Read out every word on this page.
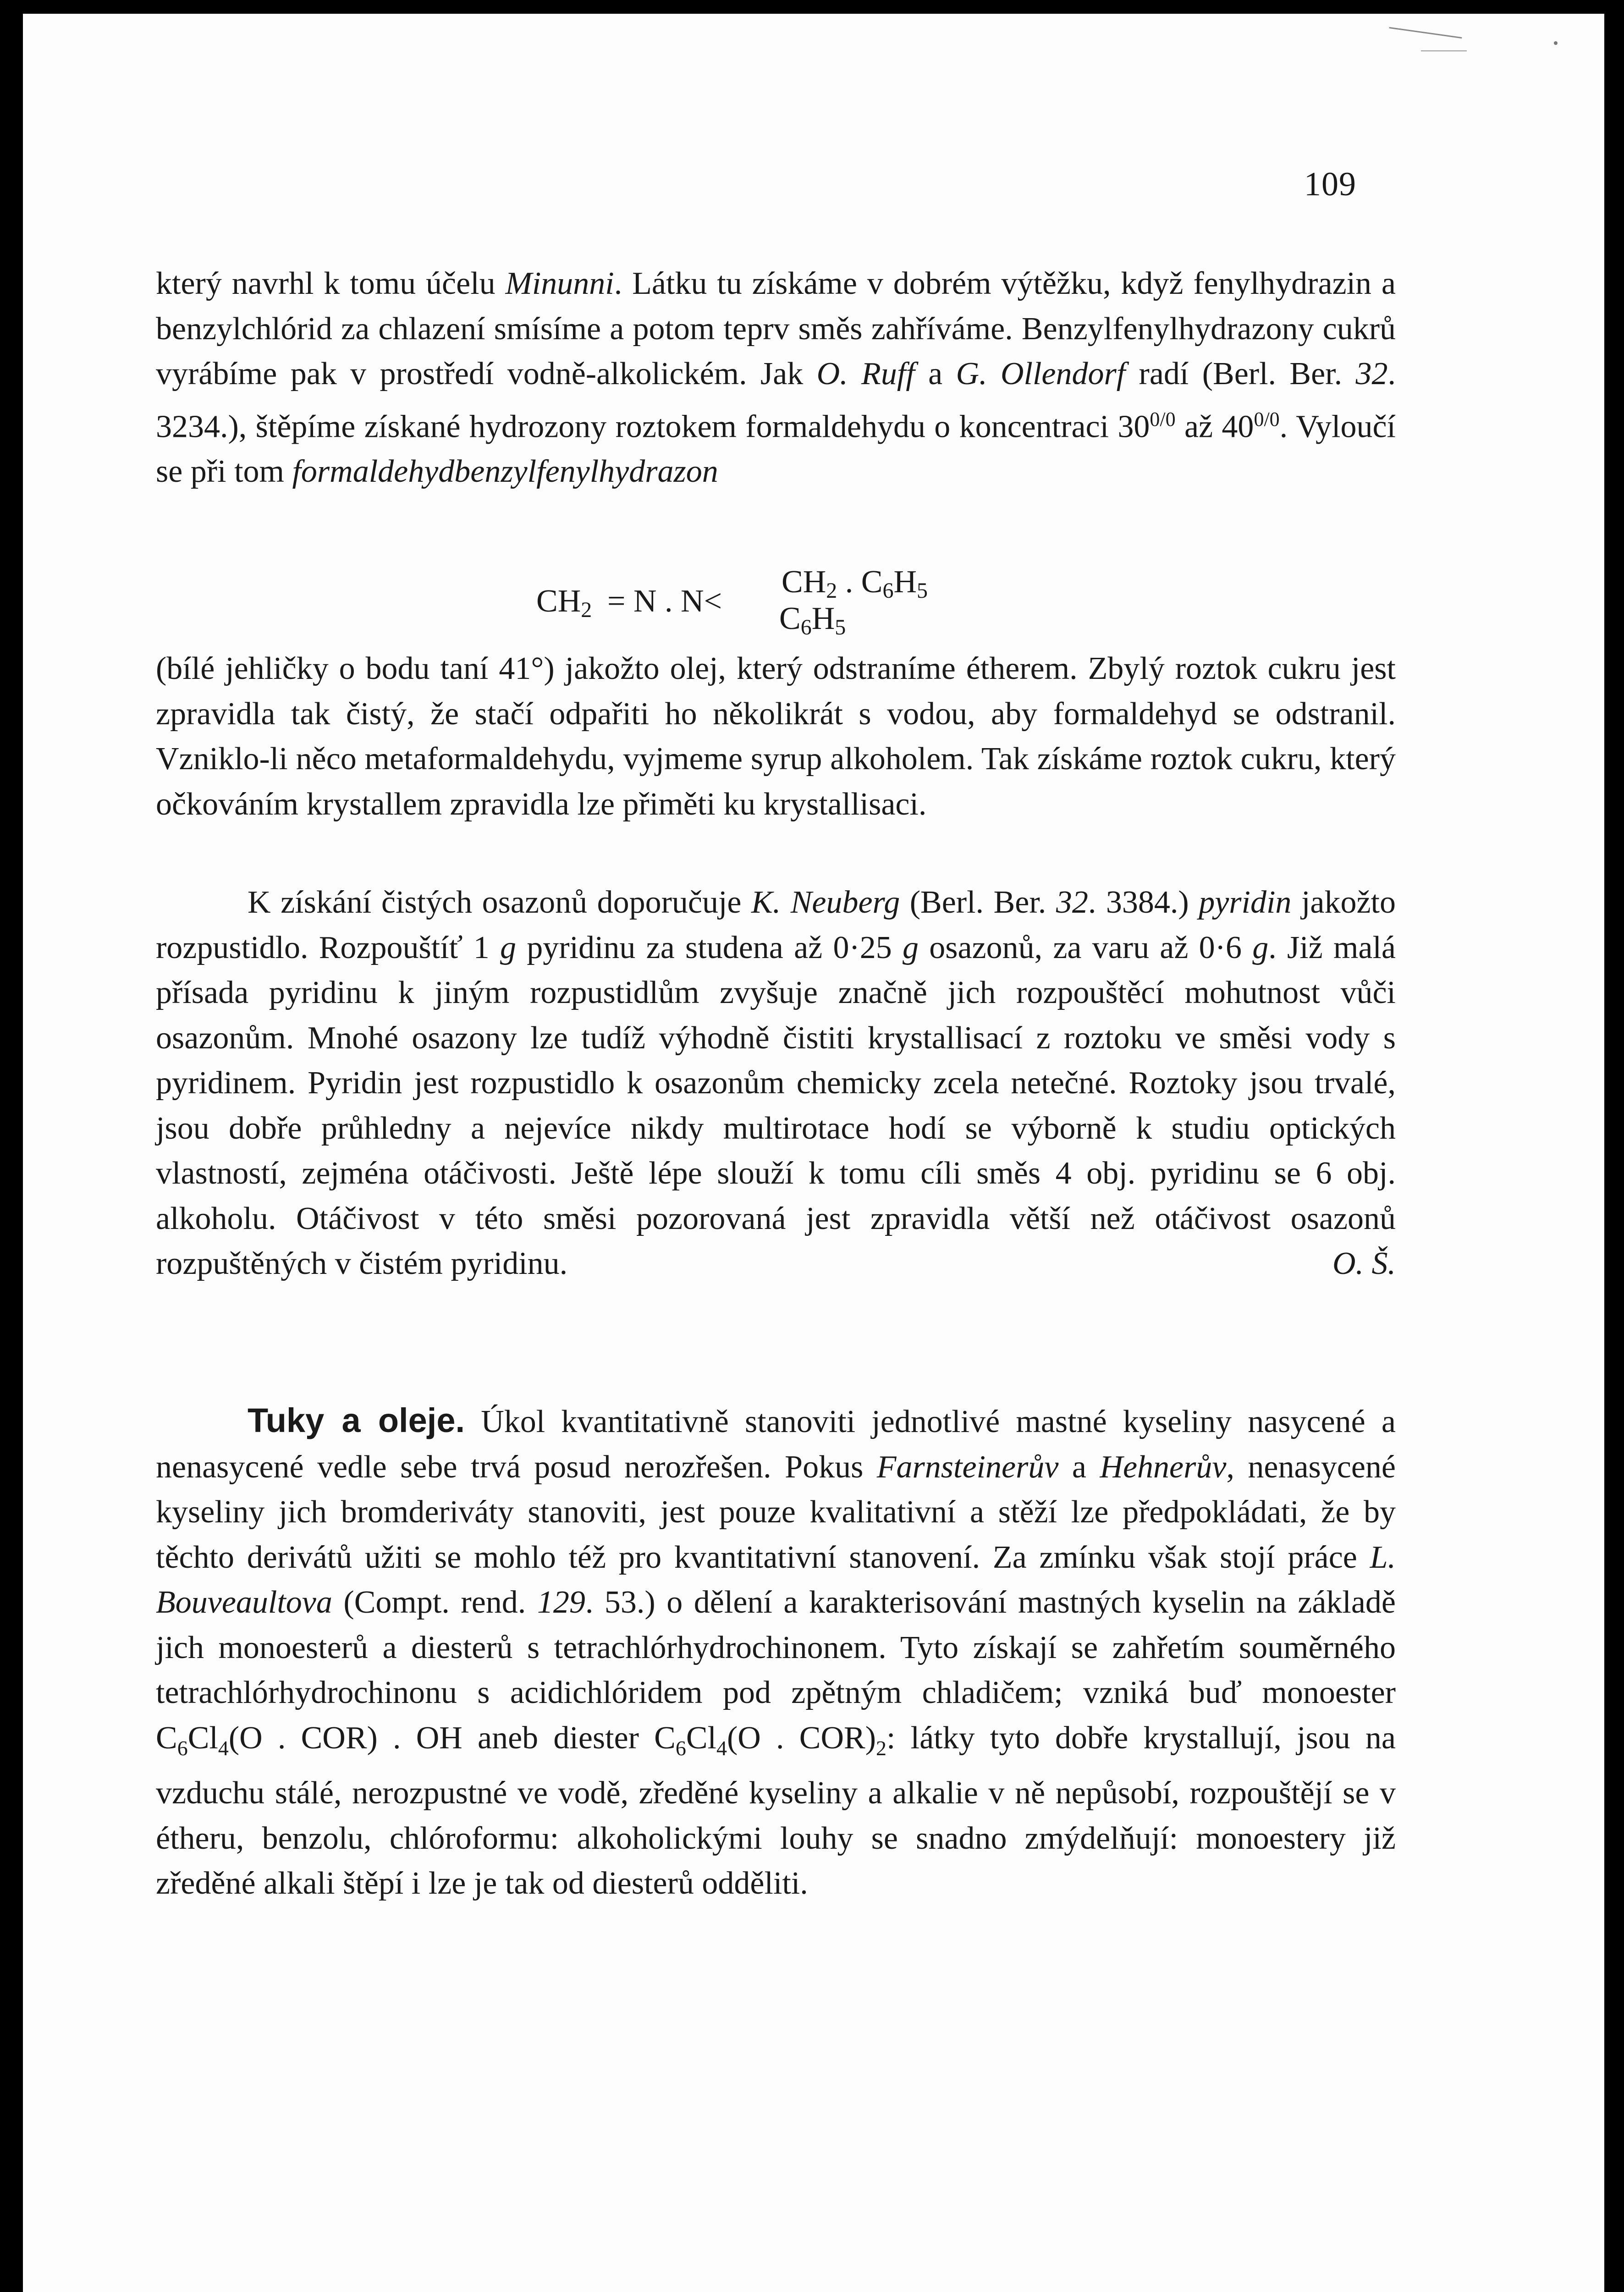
109

který navrhl k tomu účelu Minunni. Látku tu získáme v dobrém výtěžku, když fenylhydrazin a benzylchlórid za chlazení smísíme a potom teprv směs zahříváme. Benzylfenylhydrazony cukrů vyrábíme pak v prostředí vodně-alkolickém. Jak O. Ruff a G. Ollendorf radí (Berl. Ber. 32. 3234.), štěpíme získané hydrozony roztokem formaldehydu o koncentraci $30^{0/0}$ až $40^{0/0}$. Vyloučí se při tom formaldehydbenzylfenylhydrazon

$CH_2 = N$ . N<
$CH_2$ . $C_6H_5$
$C_6H_5$

(bílé jehličky o bodu taní 41°) jakožto olej, který odstraníme étherem. Zbylý roztok cukru jest zpravidla tak čistý, že stačí odpařiti ho několikrát s vodou, aby formaldehyd se odstranil. Vzniklo-li něco metaformaldehydu, vyjmeme syrup alkoholem. Tak získáme roztok cukru, který očkováním krystallem zpravidla lze přiměti ku krystallisaci.

K získání čistých osazonů doporučuje K. Neuberg (Berl. Ber. 32. 3384.) pyridin jakožto rozpustidlo. Rozpouštíť 1 g pyridinu za studena až 0·25 g osazonů, za varu až 0·6 g. Již malá přísada pyridinu k jiným rozpustidlům zvyšuje značně jich rozpouštěcí mohutnost vůči osazonům. Mnohé osazony lze tudíž výhodně čistiti krystallisací z roztoku ve směsi vody s pyridinem. Pyridin jest rozpustidlo k osazonům chemicky zcela netečné. Roztoky jsou trvalé, jsou dobře průhledny a nejevíce nikdy multirotace hodí se výborně k studiu optických vlastností, zejména otáčivosti. Ještě lépe slouží k tomu cíli směs 4 obj. pyridinu se 6 obj. alkoholu. Otáčivost v této směsi pozorovaná jest zpravidla větší než otáčivost osazonů rozpuštěných v čistém pyridinu.	O. Š.

Tuky a oleje. Úkol kvantitativně stanoviti jednotlivé mastné kyseliny nasycené a nenasycené vedle sebe trvá posud nerozřešen. Pokus Farnsteinerův a Hehnerův, nenasycené kyseliny jich bromderiváty stanoviti, jest pouze kvalitativní a stěží lze předpokládati, že by těchto derivátů užiti se mohlo též pro kvantitativní stanovení. Za zmínku však stojí práce L. Bouveaultova (Compt. rend. 129. 53.) o dělení a karakterisování mastných kyselin na základě jich monoesterů a diesterů s tetrachlórhydrochinonem. Tyto získají se zahřetím souměrného tetrachlórhydrochinonu s acidichlóridem pod zpětným chladičem; vzniká buď monoester $C_6Cl_4(O$ . COR) . OH aneb diester $C_6Cl_4(O$ . $COR)_2$: látky tyto dobře krystallují, jsou na vzduchu stálé, nerozpustné ve vodě, zředěné kyseliny a alkalie v ně nepůsobí, rozpouštějí se v étheru, benzolu, chlóroformu: alkoholickými louhy se snadno zmýdelňují: monoestery již zředěné alkali štěpí i lze je tak od diesterů odděliti.
